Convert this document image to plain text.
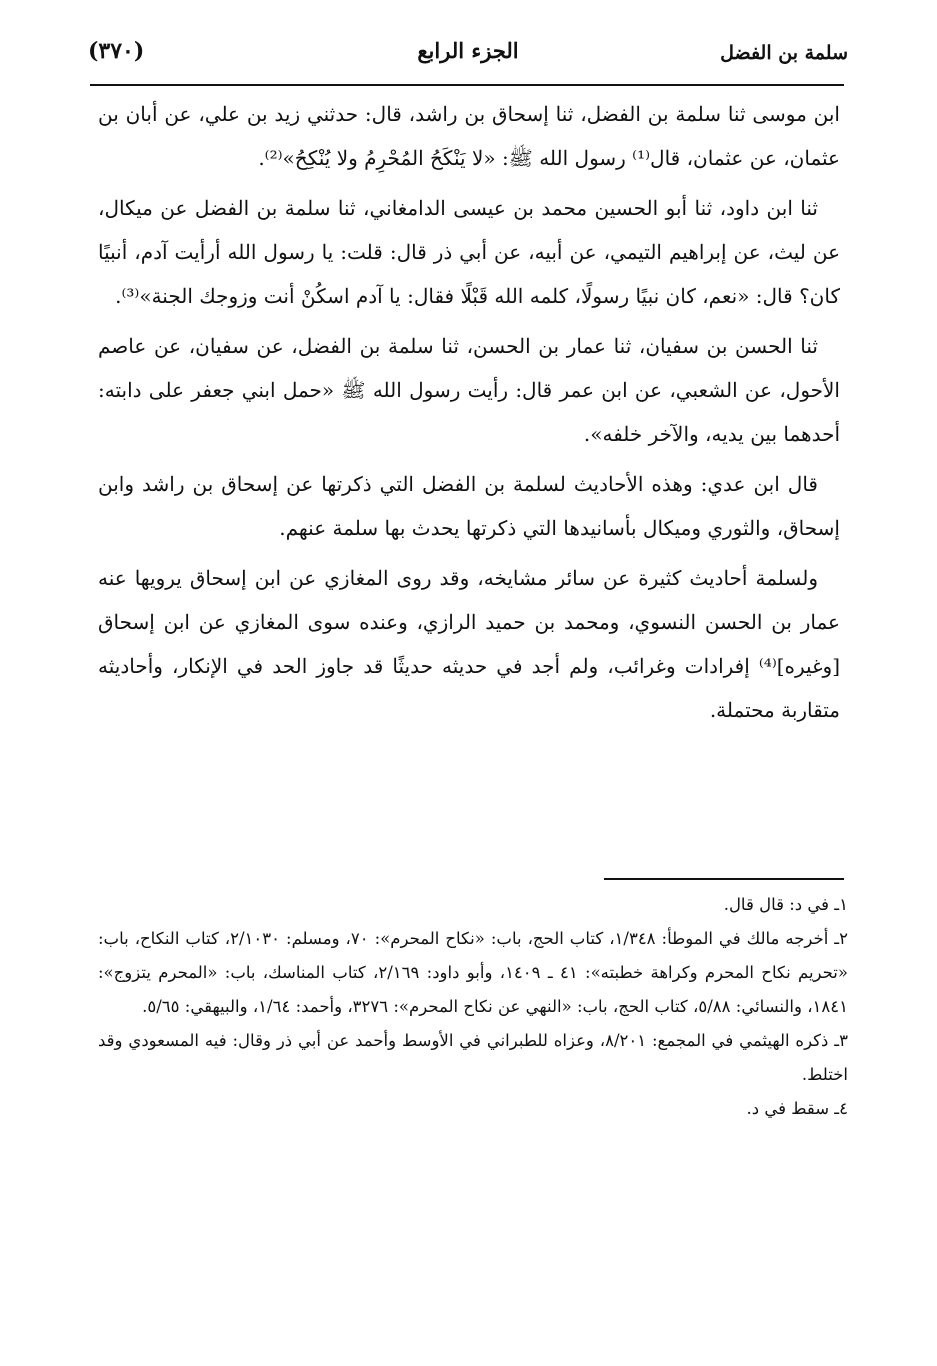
سلمة بن الفضل
الجزء الرابع
(٣٧٠)

ابن موسى ثنا سلمة بن الفضل، ثنا إسحاق بن راشد، قال: حدثني زيد بن علي، عن أبان بن عثمان، عن عثمان، قال⁽¹⁾ رسول الله ﷺ: «لا يَنْكَحُ المُحْرِمُ ولا يُنْكِحُ»⁽²⁾.

ثنا ابن داود، ثنا أبو الحسين محمد بن عيسى الدامغاني، ثنا سلمة بن الفضل عن ميكال، عن ليث، عن إبراهيم التيمي، عن أبيه، عن أبي ذر قال: قلت: يا رسول الله أرأيت آدم، أنبيًا كان؟ قال: «نعم، كان نبيًا رسولًا، كلمه الله قَبْلًا فقال: يا آدم اسكُنْ أنت وزوجك الجنة»⁽³⁾.

ثنا الحسن بن سفيان، ثنا عمار بن الحسن، ثنا سلمة بن الفضل، عن سفيان، عن عاصم الأحول، عن الشعبي، عن ابن عمر قال: رأيت رسول الله ﷺ «حمل ابني جعفر على دابته: أحدهما بين يديه، والآخر خلفه».

قال ابن عدي: وهذه الأحاديث لسلمة بن الفضل التي ذكرتها عن إسحاق بن راشد وابن إسحاق، والثوري وميكال بأسانيدها التي ذكرتها يحدث بها سلمة عنهم.

ولسلمة أحاديث كثيرة عن سائر مشايخه، وقد روى المغازي عن ابن إسحاق يرويها عنه عمار بن الحسن النسوي، ومحمد بن حميد الرازي، وعنده سوى المغازي عن ابن إسحاق [وغيره]⁽⁴⁾ إفرادات وغرائب، ولم أجد في حديثه حديثًا قد جاوز الحد في الإنكار، وأحاديثه متقاربة محتملة.

١ـ في د: قال قال.

٢ـ أخرجه مالك في الموطأ: ١/٣٤٨، كتاب الحج، باب: «نكاح المحرم»: ٧٠، ومسلم: ٢/١٠٣٠، كتاب النكاح، باب: «تحريم نكاح المحرم وكراهة خطبته»: ٤١ ـ ١٤٠٩، وأبو داود: ٢/١٦٩، كتاب المناسك، باب: «المحرم يتزوج»: ١٨٤١، والنسائي: ٥/٨٨، كتاب الحج، باب: «النهي عن نكاح المحرم»: ٣٢٧٦، وأحمد: ١/٦٤، والبيهقي: ٥/٦٥.

٣ـ ذكره الهيثمي في المجمع: ٨/٢٠١، وعزاه للطبراني في الأوسط وأحمد عن أبي ذر وقال: فيه المسعودي وقد اختلط.

٤ـ سقط في د.
